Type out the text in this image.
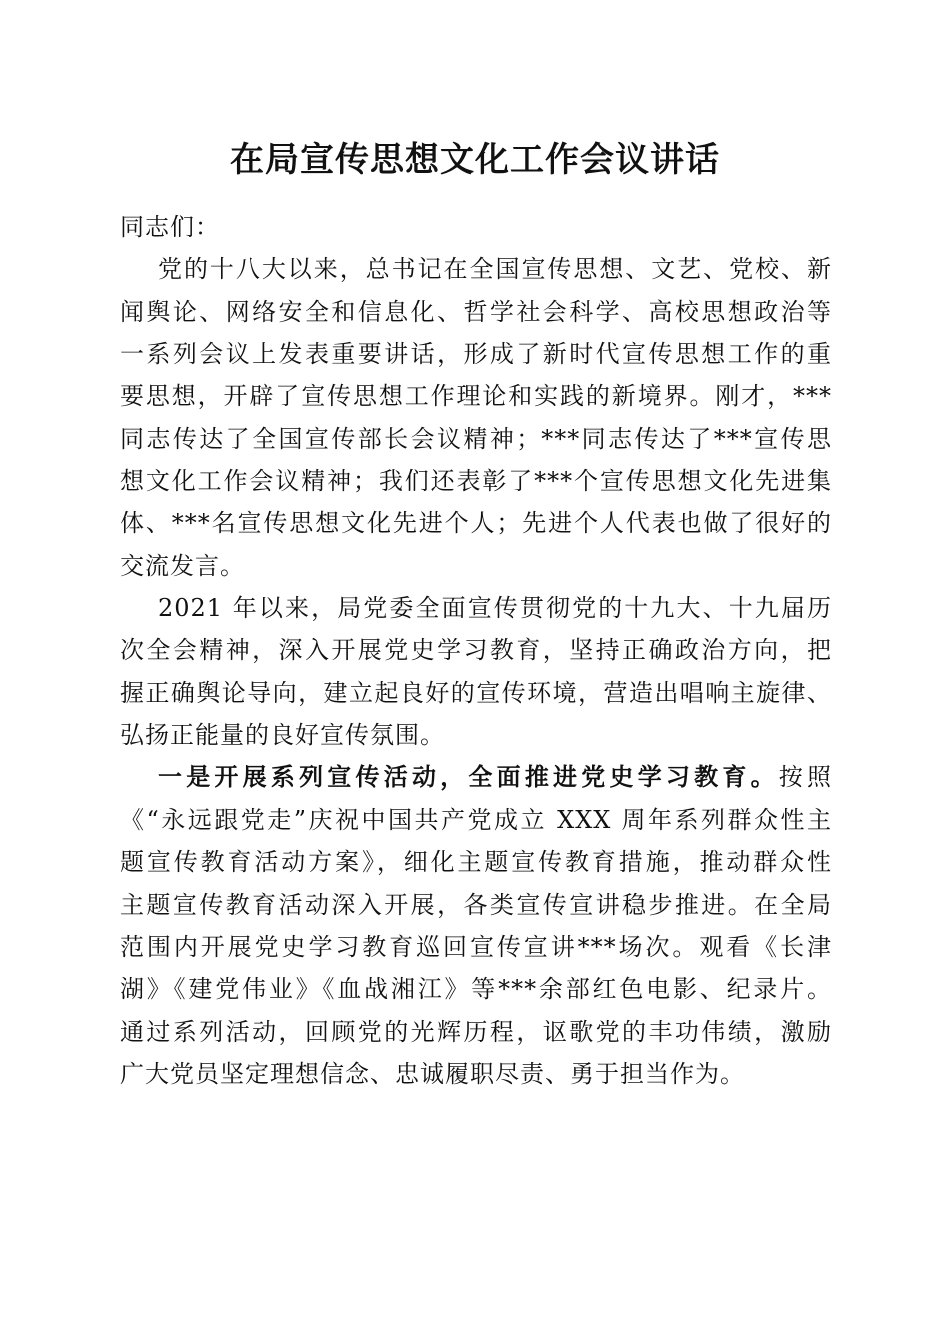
在局宣传思想文化工作会议讲话
同志们：
党的十八大以来，总书记在全国宣传思想、文艺、党校、新
闻舆论、网络安全和信息化、哲学社会科学、高校思想政治等
一系列会议上发表重要讲话，形成了新时代宣传思想工作的重
要思想，开辟了宣传思想工作理论和实践的新境界。刚才，***
同志传达了全国宣传部长会议精神；***同志传达了***宣传思
想文化工作会议精神；我们还表彰了***个宣传思想文化先进集
体、***名宣传思想文化先进个人；先进个人代表也做了很好的
交流发言。
2021 年以来，局党委全面宣传贯彻党的十九大、十九届历
次全会精神，深入开展党史学习教育，坚持正确政治方向，把
握正确舆论导向，建立起良好的宣传环境，营造出唱响主旋律、
弘扬正能量的良好宣传氛围。
一是开展系列宣传活动，全面推进党史学习教育。按照
《“永远跟党走”庆祝中国共产党成立 XXX 周年系列群众性主
题宣传教育活动方案》，细化主题宣传教育措施，推动群众性
主题宣传教育活动深入开展，各类宣传宣讲稳步推进。在全局
范围内开展党史学习教育巡回宣传宣讲***场次。观看《长津
湖》《建党伟业》《血战湘江》等***余部红色电影、纪录片。
通过系列活动，回顾党的光辉历程，讴歌党的丰功伟绩，激励
广大党员坚定理想信念、忠诚履职尽责、勇于担当作为。
